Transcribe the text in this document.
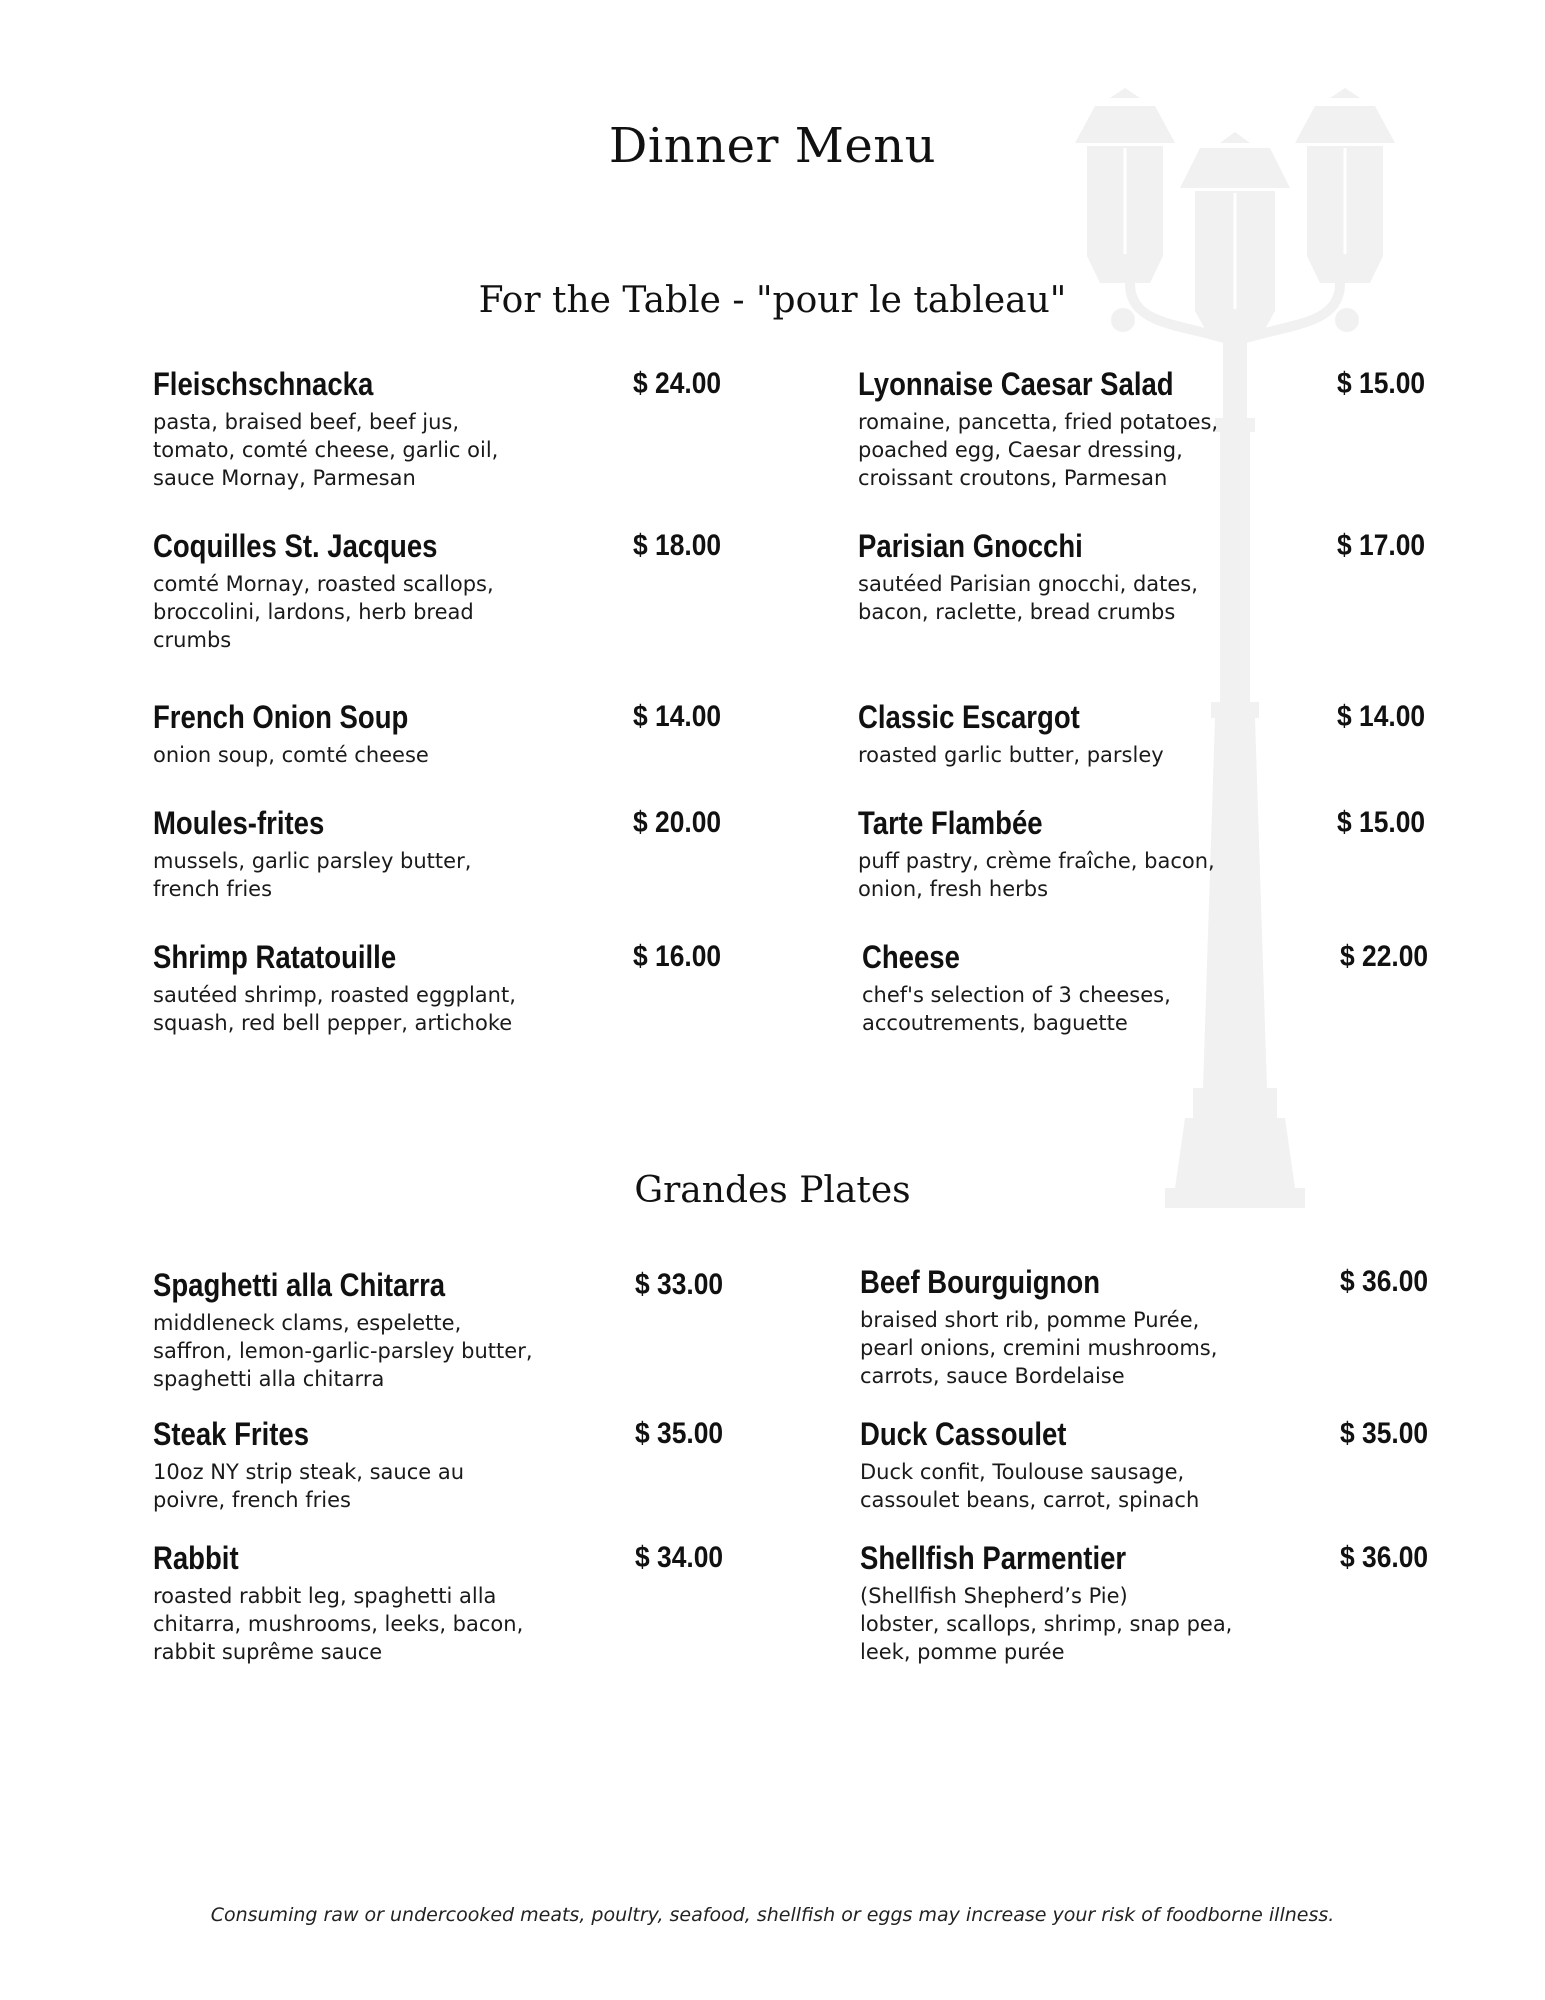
Dinner Menu
For the Table - "pour le tableau"
Fleischschnacka	$ 24.00
pasta, braised beef, beef jus, tomato, comté cheese, garlic oil, sauce Mornay, Parmesan
Coquilles St. Jacques	$ 18.00
comté Mornay, roasted scallops, broccolini, lardons, herb bread crumbs
French Onion Soup	$ 14.00
onion soup, comté cheese
Moules-frites	$ 20.00
mussels, garlic parsley butter, french fries
Shrimp Ratatouille	$ 16.00
sautéed shrimp, roasted eggplant, squash, red bell pepper, artichoke
Lyonnaise Caesar Salad	$ 15.00
romaine, pancetta, fried potatoes, poached egg, Caesar dressing, croissant croutons, Parmesan
Parisian Gnocchi	$ 17.00
sautéed Parisian gnocchi, dates, bacon, raclette, bread crumbs
Classic Escargot	$ 14.00
roasted garlic butter, parsley
Tarte Flambée	$ 15.00
puff pastry, crème fraîche, bacon, onion, fresh herbs
Cheese	$ 22.00
chef's selection of 3 cheeses, accoutrements, baguette
Grandes Plates
Spaghetti alla Chitarra	$ 33.00
middleneck clams, espelette, saffron, lemon-garlic-parsley butter, spaghetti alla chitarra
Steak Frites	$ 35.00
10oz NY strip steak, sauce au poivre, french fries
Rabbit	$ 34.00
roasted rabbit leg, spaghetti alla chitarra, mushrooms, leeks, bacon, rabbit suprême sauce
Beef Bourguignon	$ 36.00
braised short rib, pomme Purée, pearl onions, cremini mushrooms, carrots, sauce Bordelaise
Duck Cassoulet	$ 35.00
Duck confit, Toulouse sausage, cassoulet beans, carrot, spinach
Shellfish Parmentier	$ 36.00
(Shellfish Shepherd’s Pie)
lobster, scallops, shrimp, snap pea, leek, pomme purée
Consuming raw or undercooked meats, poultry, seafood, shellfish or eggs may increase your risk of foodborne illness.
